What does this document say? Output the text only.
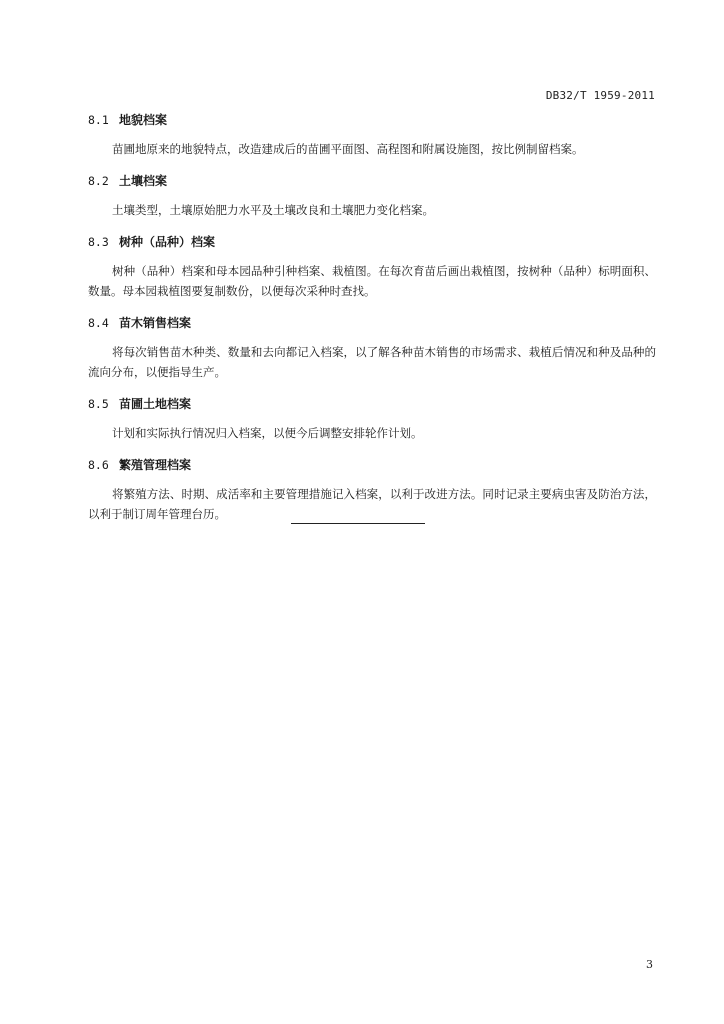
DB32/T 1959-2011
8.1 地貌档案

苗圃地原来的地貌特点，改造建成后的苗圃平面图、高程图和附属设施图，按比例制留档案。

8.2 土壤档案

土壤类型，土壤原始肥力水平及土壤改良和土壤肥力变化档案。

8.3 树种（品种）档案

树种（品种）档案和母本园品种引种档案、栽植图。在每次育苗后画出栽植图，按树种（品种）标明面积、数量。母本园栽植图要复制数份，以便每次采种时查找。

8.4 苗木销售档案

将每次销售苗木种类、数量和去向都记入档案，以了解各种苗木销售的市场需求、栽植后情况和种及品种的流向分布，以便指导生产。

8.5 苗圃土地档案

计划和实际执行情况归入档案，以便今后调整安排轮作计划。

8.6 繁殖管理档案

将繁殖方法、时期、成活率和主要管理措施记入档案，以利于改进方法。同时记录主要病虫害及防治方法，以利于制订周年管理台历。

3
